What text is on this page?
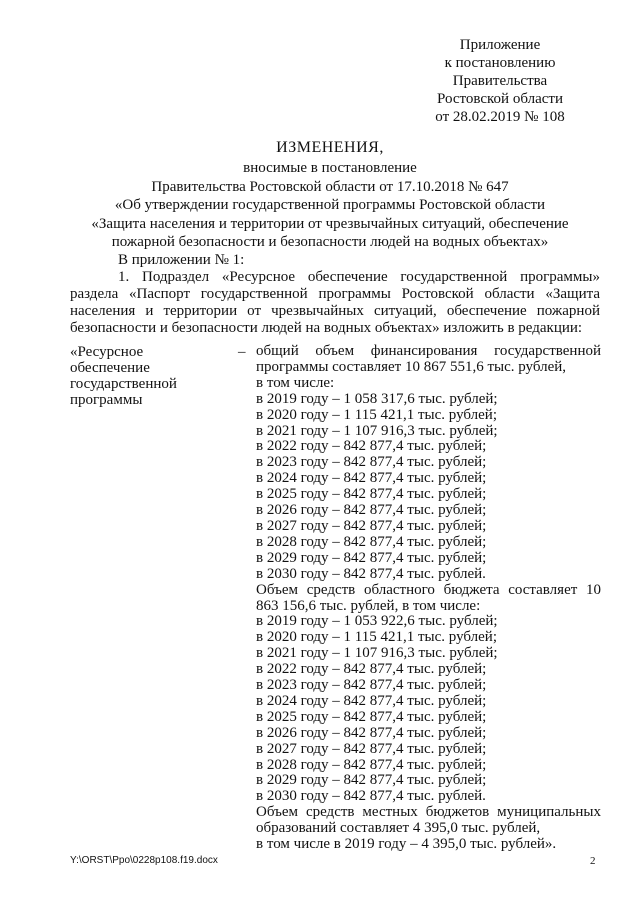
Приложение
к постановлению
Правительства
Ростовской области
от 28.02.2019 № 108
ИЗМЕНЕНИЯ,
вносимые в постановление
Правительства Ростовской области от 17.10.2018 № 647
«Об утверждении государственной программы Ростовской области
«Защита населения и территории от чрезвычайных ситуаций, обеспечение
пожарной безопасности и безопасности людей на водных объектах»
В приложении № 1:
1. Подраздел «Ресурсное обеспечение государственной программы» раздела «Паспорт государственной программы Ростовской области «Защита населения и территории от чрезвычайных ситуаций, обеспечение пожарной безопасности и безопасности людей на водных объектах» изложить в редакции:
«Ресурсное обеспечение государственной программы
– общий объем финансирования государственной программы составляет 10 867 551,6 тыс. рублей,
в том числе:
в 2019 году – 1 058 317,6 тыс. рублей;
в 2020 году – 1 115 421,1 тыс. рублей;
в 2021 году – 1 107 916,3 тыс. рублей;
в 2022 году – 842 877,4 тыс. рублей;
в 2023 году – 842 877,4 тыс. рублей;
в 2024 году – 842 877,4 тыс. рублей;
в 2025 году – 842 877,4 тыс. рублей;
в 2026 году – 842 877,4 тыс. рублей;
в 2027 году – 842 877,4 тыс. рублей;
в 2028 году – 842 877,4 тыс. рублей;
в 2029 году – 842 877,4 тыс. рублей;
в 2030 году – 842 877,4 тыс. рублей.
Объем средств областного бюджета составляет 10 863 156,6 тыс. рублей, в том числе:
в 2019 году – 1 053 922,6 тыс. рублей;
в 2020 году – 1 115 421,1 тыс. рублей;
в 2021 году – 1 107 916,3 тыс. рублей;
в 2022 году – 842 877,4 тыс. рублей;
в 2023 году – 842 877,4 тыс. рублей;
в 2024 году – 842 877,4 тыс. рублей;
в 2025 году – 842 877,4 тыс. рублей;
в 2026 году – 842 877,4 тыс. рублей;
в 2027 году – 842 877,4 тыс. рублей;
в 2028 году – 842 877,4 тыс. рублей;
в 2029 году – 842 877,4 тыс. рублей;
в 2030 году – 842 877,4 тыс. рублей.
Объем средств местных бюджетов муниципальных образований составляет 4 395,0 тыс. рублей,
в том числе в 2019 году – 4 395,0 тыс. рублей».
Y:\ORST\Ppo\0228p108.f19.docx	2
